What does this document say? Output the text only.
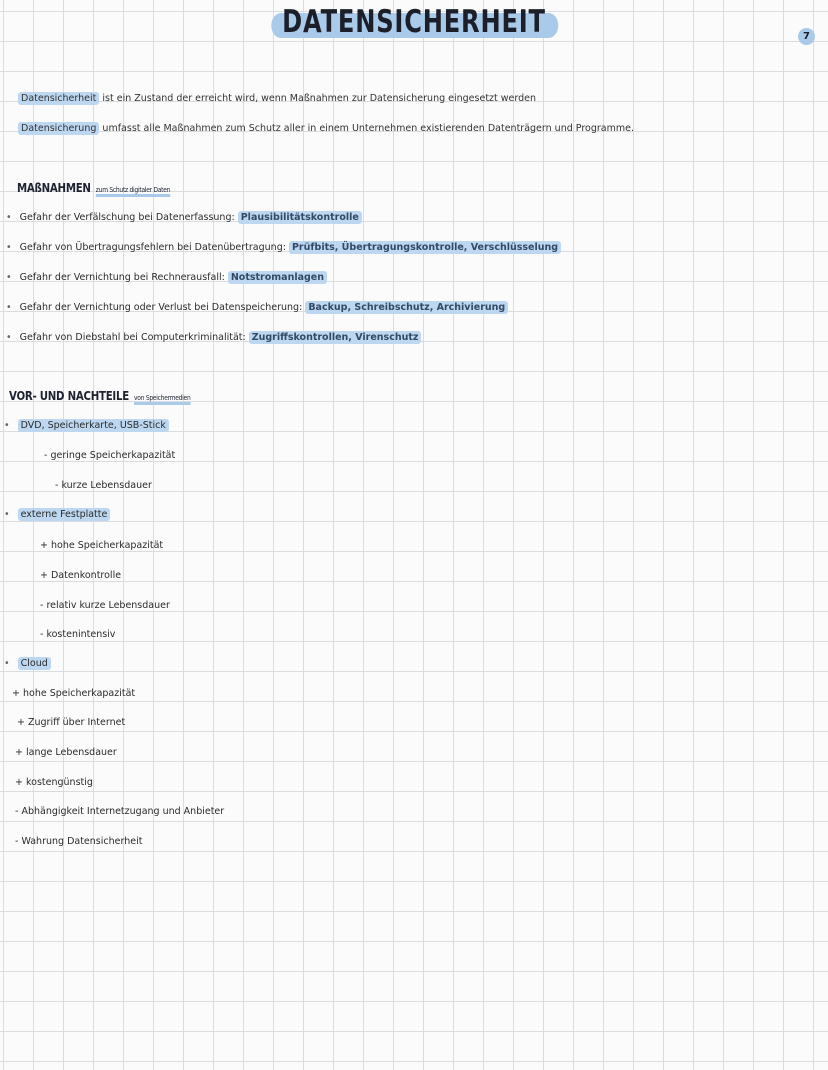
DATENSICHERHEIT	7
Datensicherheit ist ein Zustand der erreicht wird, wenn Maßnahmen zur Datensicherung eingesetzt werden
Datensicherung umfasst alle Maßnahmen zum Schutz aller in einem Unternehmen existierenden Datenträgern und Programme.
MAßNAHMEN zum Schutz digitaler Daten
• Gefahr der Verfälschung bei Datenerfassung: Plausibilitätskontrolle
• Gefahr von Übertragungsfehlern bei Datenübertragung: Prüfbits, Übertragungskontrolle, Verschlüsselung
• Gefahr der Vernichtung bei Rechnerausfall: Notstromanlagen
• Gefahr der Vernichtung oder Verlust bei Datenspeicherung: Backup, Schreibschutz, Archivierung
• Gefahr von Diebstahl bei Computerkriminalität: Zugriffskontrollen, Virenschutz
VOR- UND NACHTEILE von Speichermedien
• DVD, Speicherkarte, USB-Stick
- geringe Speicherkapazität
- kurze Lebensdauer
• externe Festplatte
+ hohe Speicherkapazität
+ Datenkontrolle
- relativ kurze Lebensdauer
- kostenintensiv
• Cloud
+ hohe Speicherkapazität
+ Zugriff über Internet
+ lange Lebensdauer
+ kostengünstig
- Abhängigkeit Internetzugang und Anbieter
- Wahrung Datensicherheit
